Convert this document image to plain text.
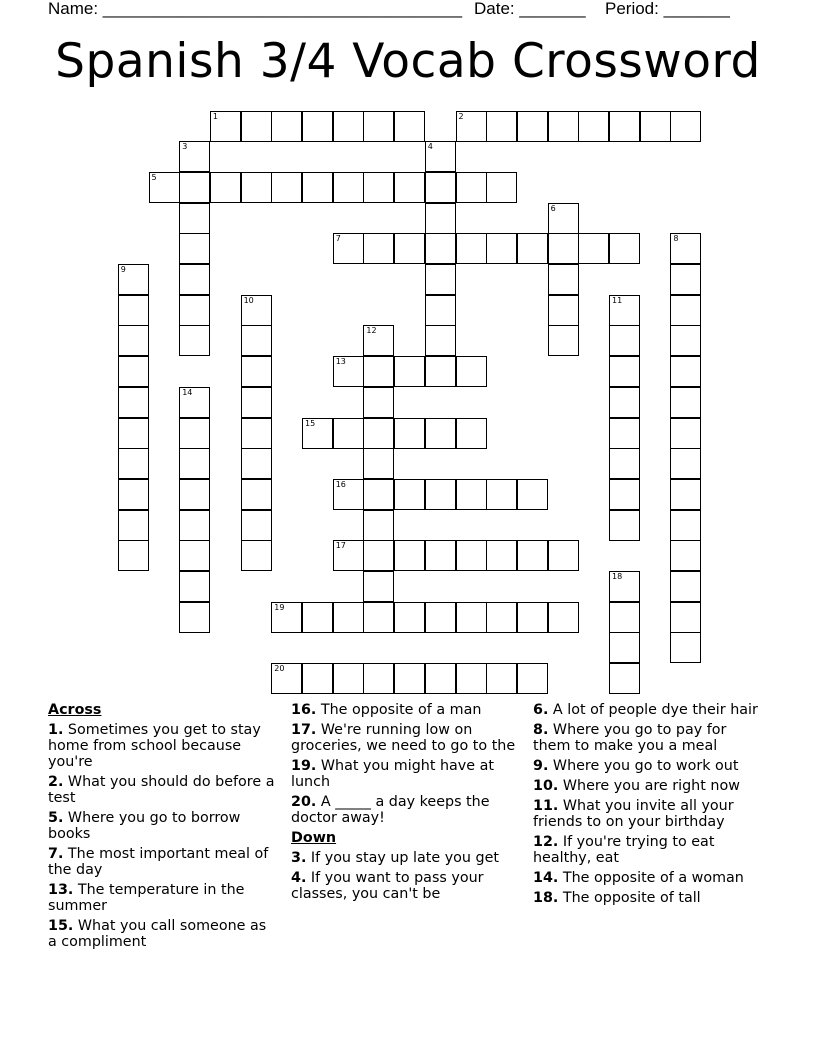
Name: ______________________________________ Date: _______ Period: _______
Spanish 3/4 Vocab Crossword
1	2
3	4
5
6
7	8
9
10	11
12
13
14
15
16
17
18
19
20
Across
1. Sometimes you get to stay home from school because you're
2. What you should do before a test
5. Where you go to borrow books
7. The most important meal of the day
13. The temperature in the summer
15. What you call someone as a compliment
16. The opposite of a man
17. We're running low on groceries, we need to go to the
19. What you might have at lunch
20. A _____ a day keeps the doctor away!
Down
3. If you stay up late you get
4. If you want to pass your classes, you can't be
6. A lot of people dye their hair
8. Where you go to pay for them to make you a meal
9. Where you go to work out
10. Where you are right now
11. What you invite all your friends to on your birthday
12. If you're trying to eat healthy, eat
14. The opposite of a woman
18. The opposite of tall
